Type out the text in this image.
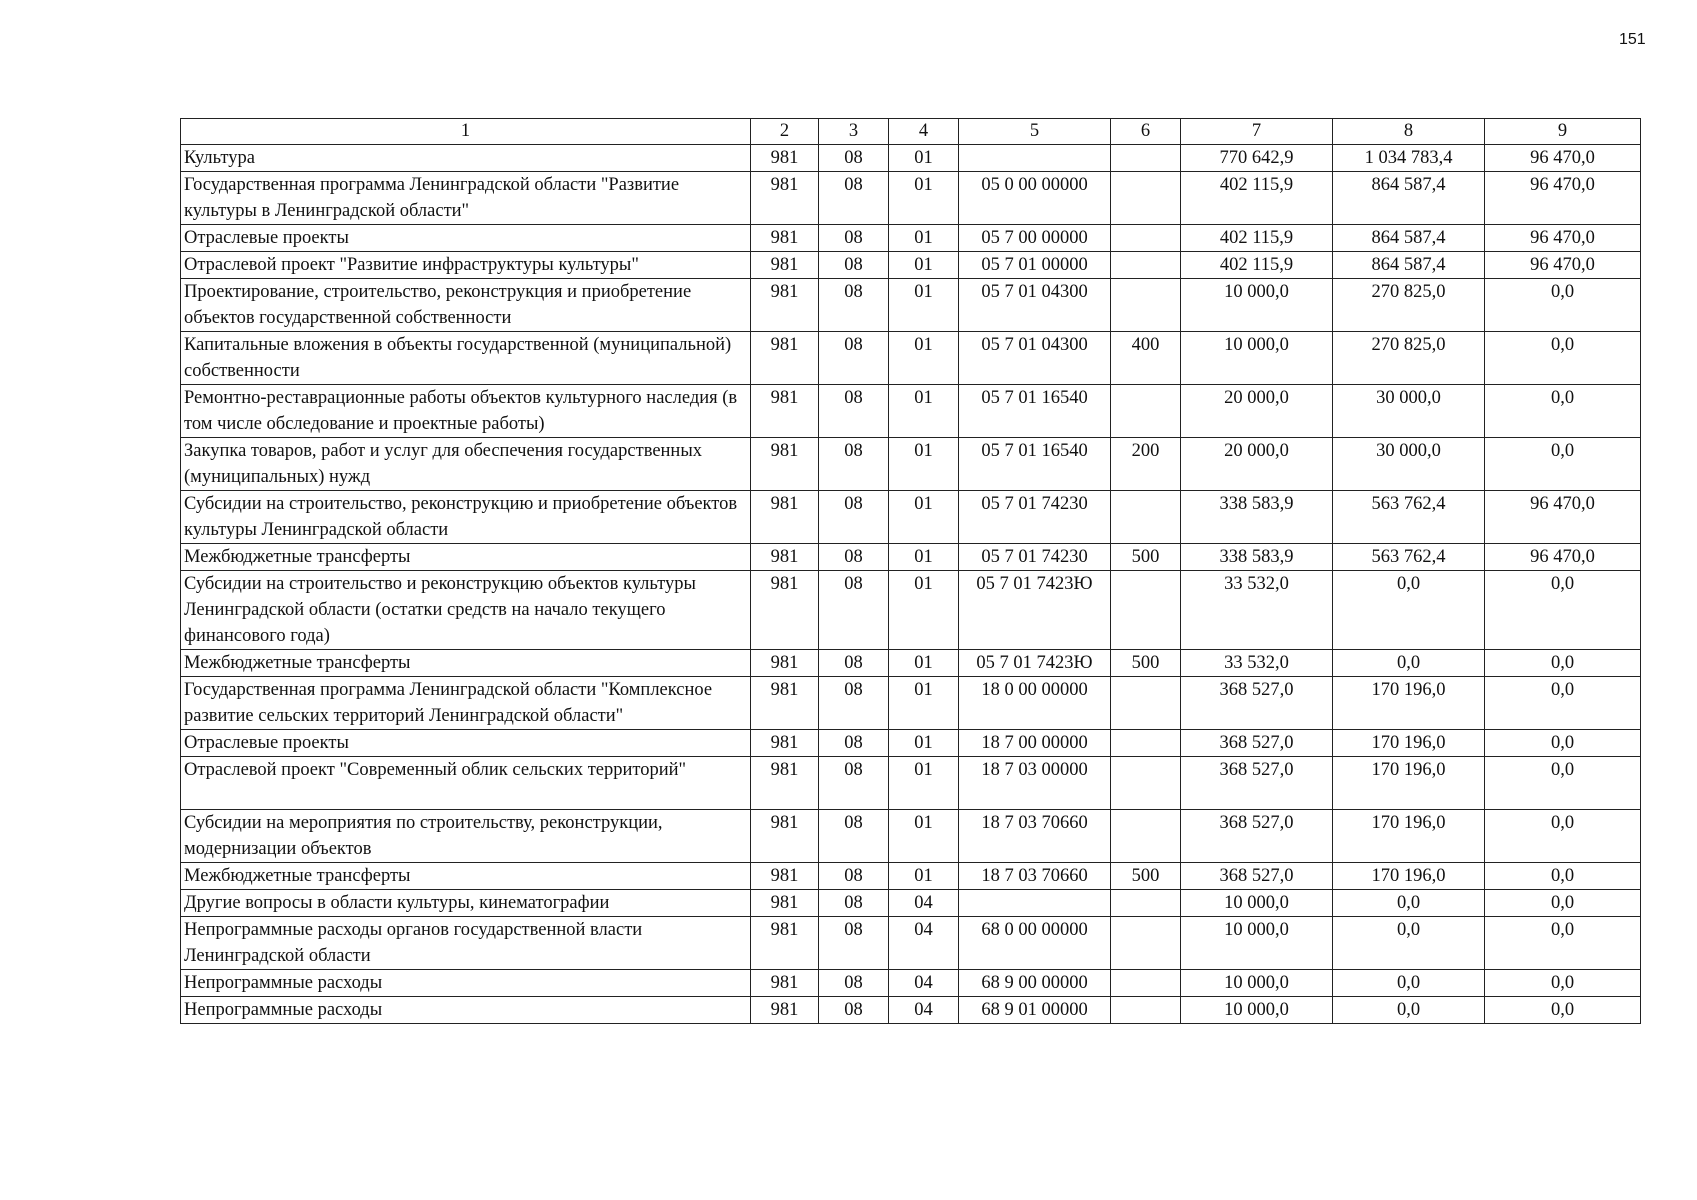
151
1	2	3	4	5	6	7	8	9
Культура	981	08	01			770 642,9	1 034 783,4	96 470,0
Государственная программа Ленинградской области "Развитие культуры в Ленинградской области"	981	08	01	05 0 00 00000		402 115,9	864 587,4	96 470,0
Отраслевые проекты	981	08	01	05 7 00 00000		402 115,9	864 587,4	96 470,0
Отраслевой проект "Развитие инфраструктуры культуры"	981	08	01	05 7 01 00000		402 115,9	864 587,4	96 470,0
Проектирование, строительство, реконструкция и приобретение объектов государственной собственности	981	08	01	05 7 01 04300		10 000,0	270 825,0	0,0
Капитальные вложения в объекты государственной (муниципальной) собственности	981	08	01	05 7 01 04300	400	10 000,0	270 825,0	0,0
Ремонтно-реставрационные работы объектов культурного наследия (в том числе обследование и проектные работы)	981	08	01	05 7 01 16540		20 000,0	30 000,0	0,0
Закупка товаров, работ и услуг для обеспечения государственных (муниципальных) нужд	981	08	01	05 7 01 16540	200	20 000,0	30 000,0	0,0
Субсидии на строительство, реконструкцию и приобретение объектов культуры Ленинградской области	981	08	01	05 7 01 74230		338 583,9	563 762,4	96 470,0
Межбюджетные трансферты	981	08	01	05 7 01 74230	500	338 583,9	563 762,4	96 470,0
Субсидии на строительство и реконструкцию объектов культуры Ленинградской области (остатки средств на начало текущего финансового года)	981	08	01	05 7 01 7423Ю		33 532,0	0,0	0,0
Межбюджетные трансферты	981	08	01	05 7 01 7423Ю	500	33 532,0	0,0	0,0
Государственная программа Ленинградской области "Комплексное развитие сельских территорий Ленинградской области"	981	08	01	18 0 00 00000		368 527,0	170 196,0	0,0
Отраслевые проекты	981	08	01	18 7 00 00000		368 527,0	170 196,0	0,0
Отраслевой проект "Современный облик сельских территорий"	981	08	01	18 7 03 00000		368 527,0	170 196,0	0,0
Субсидии на мероприятия по строительству, реконструкции, модернизации объектов	981	08	01	18 7 03 70660		368 527,0	170 196,0	0,0
Межбюджетные трансферты	981	08	01	18 7 03 70660	500	368 527,0	170 196,0	0,0
Другие вопросы в области культуры, кинематографии	981	08	04			10 000,0	0,0	0,0
Непрограммные расходы органов государственной власти Ленинградской области	981	08	04	68 0 00 00000		10 000,0	0,0	0,0
Непрограммные расходы	981	08	04	68 9 00 00000		10 000,0	0,0	0,0
Непрограммные расходы	981	08	04	68 9 01 00000		10 000,0	0,0	0,0
